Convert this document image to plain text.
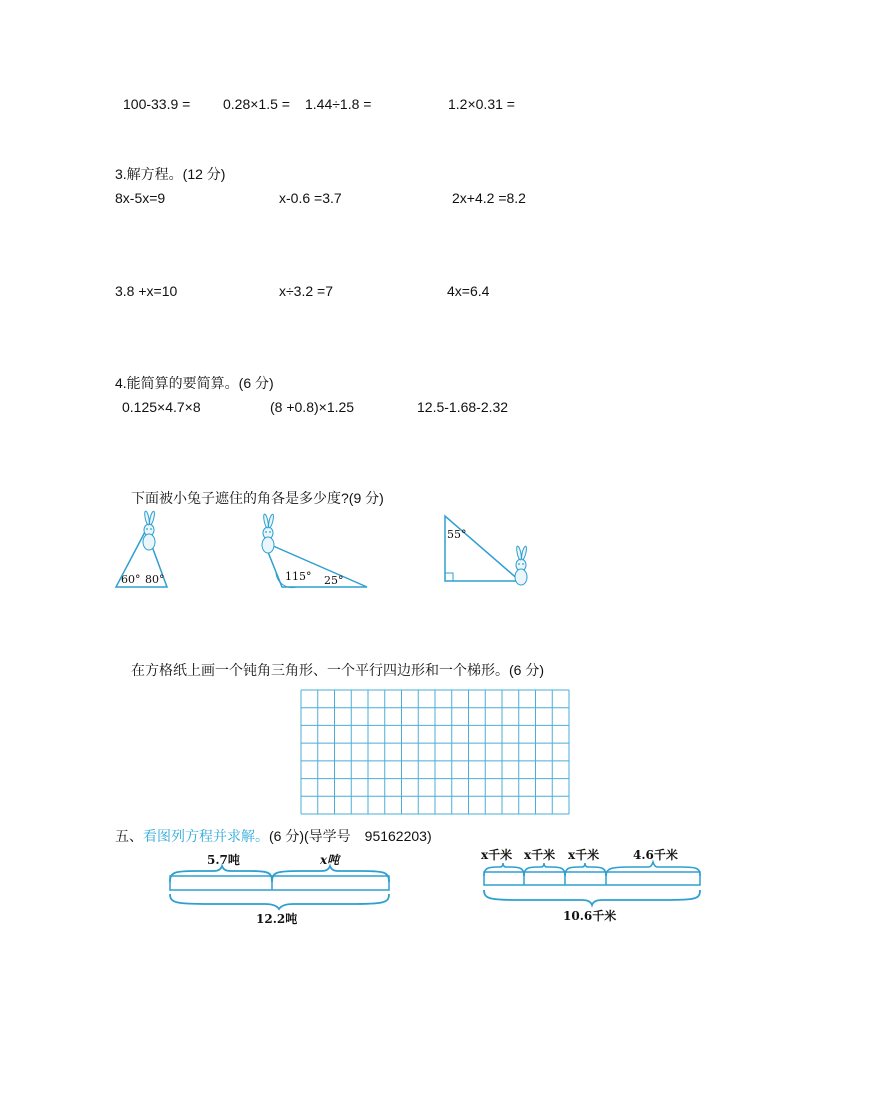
100-33.9 = 0.28×1.5 = 1.44÷1.8 =	1.2×0.31 =
3.解方程。(12 分)
8x-5x=9	x-0.6 =3.7	2x+4.2 =8.2
3.8 +x=10	x÷3.2 =7	4x=6.4
4.能简算的要简算。(6 分)
0.125×4.7×8	(8 +0.8)×1.25	12.5-1.68-2.32
下面被小兔子遮住的角各是多少度?(9 分)
60° 80°	115° 25°
55°
在方格纸上画一个钝角三角形、一个平行四边形和一个梯形。(6 分)
五、看图列方程并求解。(6 分)(导学号　95162203)
5.7吨	x吨
12.2吨
x千米 x千米 x千米	4.6千米
10.6千米
